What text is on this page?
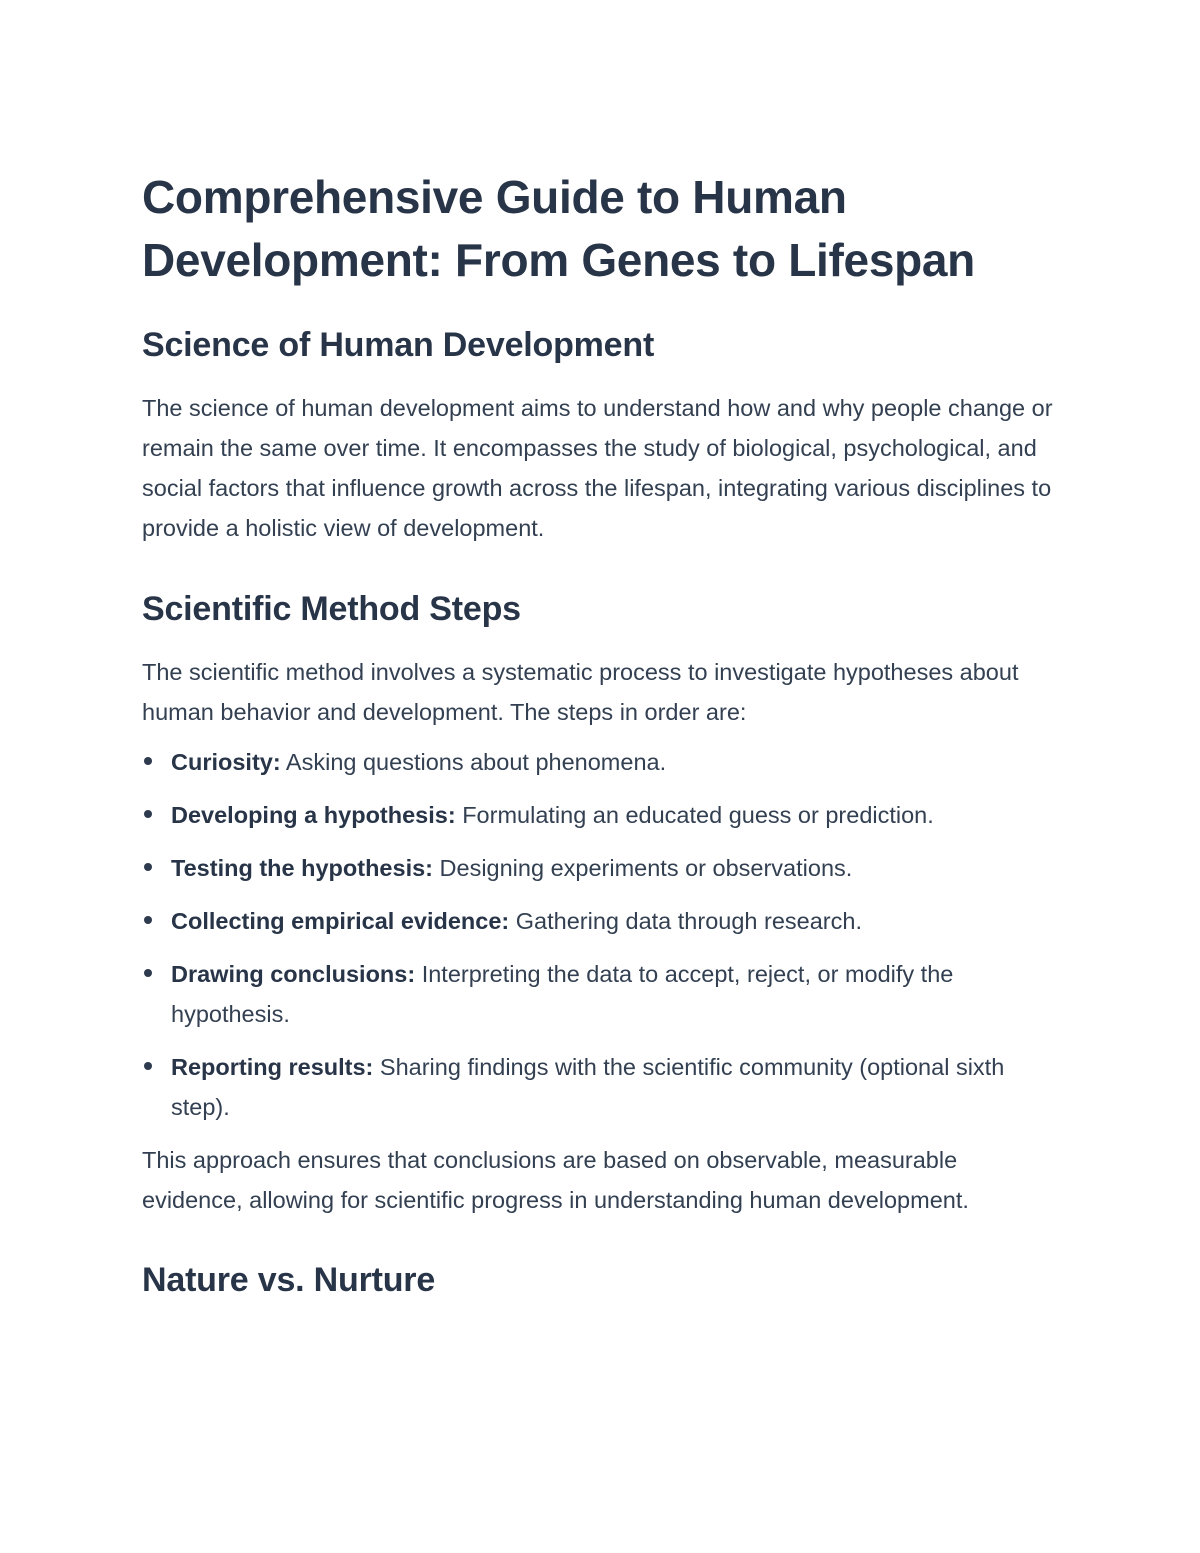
Comprehensive Guide to Human Development: From Genes to Lifespan
Science of Human Development

The science of human development aims to understand how and why people change or remain the same over time. It encompasses the study of biological, psychological, and social factors that influence growth across the lifespan, integrating various disciplines to provide a holistic view of development.

Scientific Method Steps

The scientific method involves a systematic process to investigate hypotheses about human behavior and development. The steps in order are:

Curiosity: Asking questions about phenomena.
Developing a hypothesis: Formulating an educated guess or prediction.
Testing the hypothesis: Designing experiments or observations.
Collecting empirical evidence: Gathering data through research.
Drawing conclusions: Interpreting the data to accept, reject, or modify the hypothesis.
Reporting results: Sharing findings with the scientific community (optional sixth step).

This approach ensures that conclusions are based on observable, measurable evidence, allowing for scientific progress in understanding human development.

Nature vs. Nurture
